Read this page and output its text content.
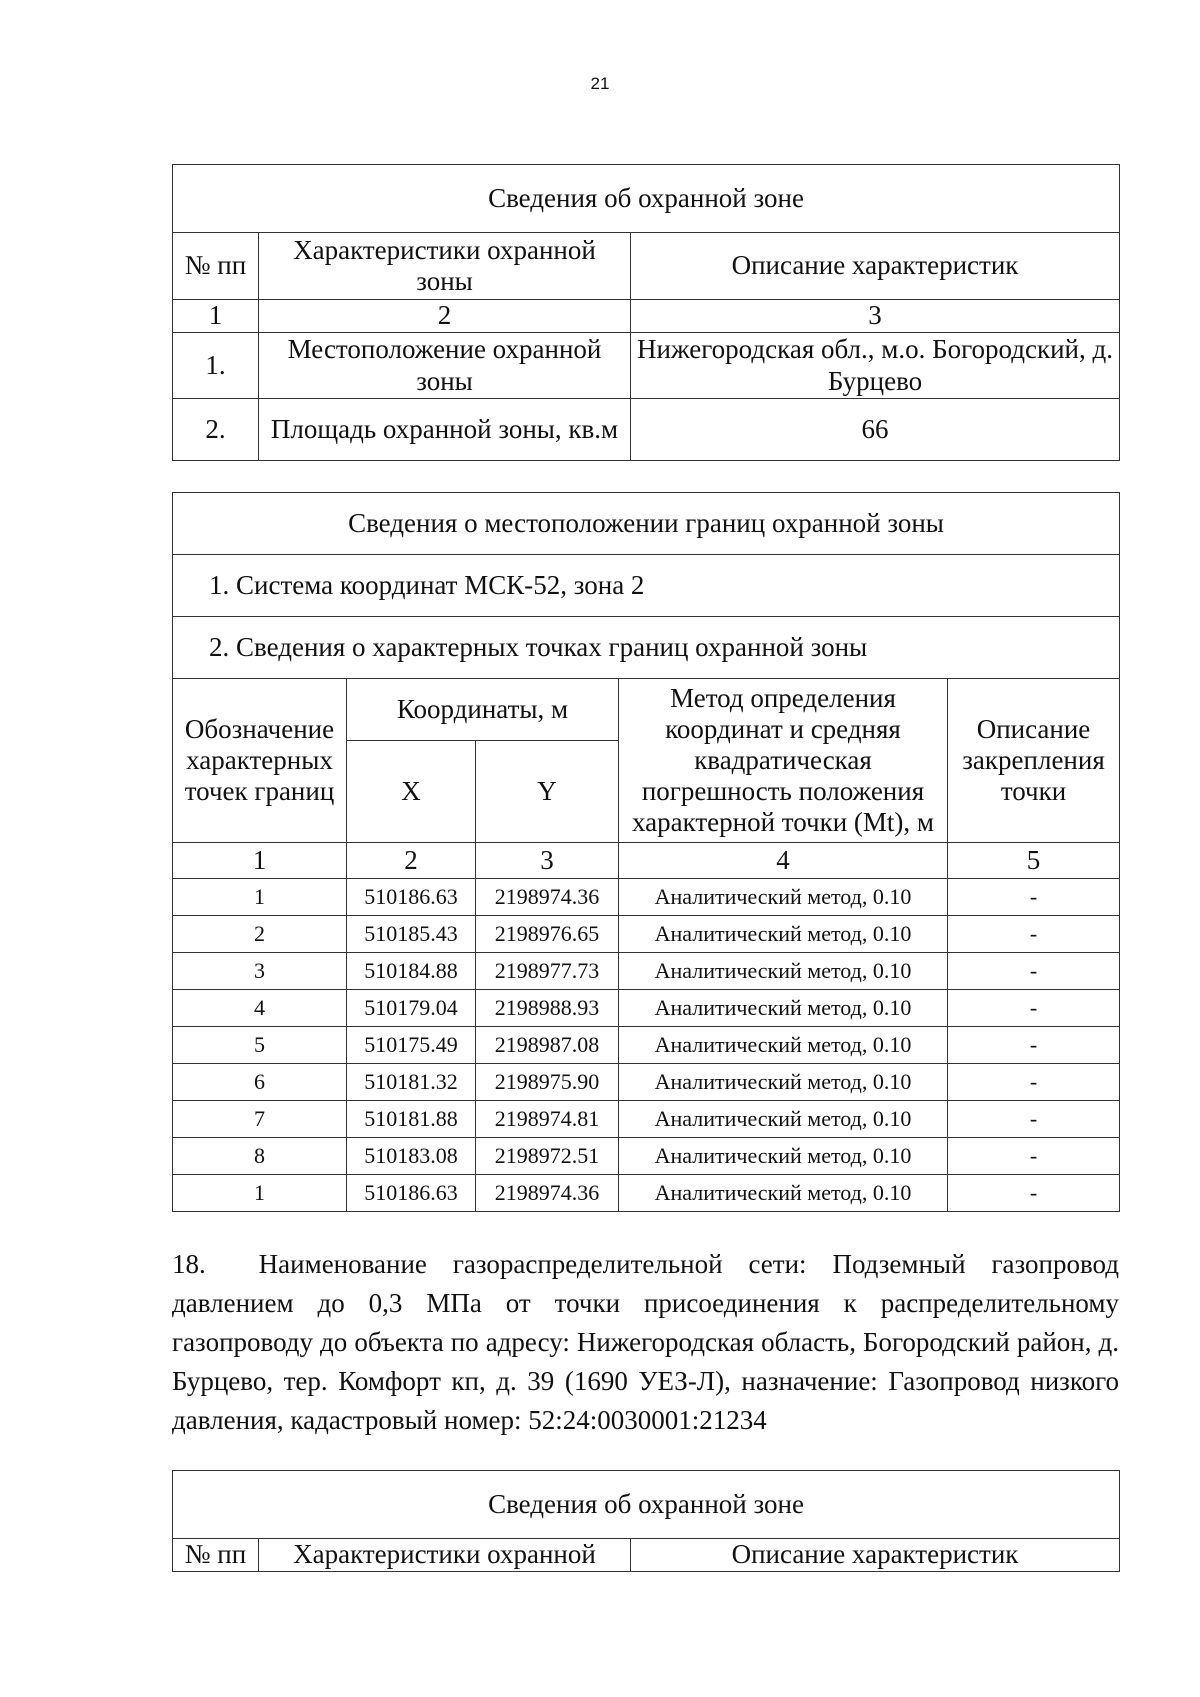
21
Сведения об охранной зоне		
№ пп	Характеристики охранной зоны	Описание характеристик
1	2	3
1.	Местоположение охранной зоны	Нижегородская обл., м.о. Богородский, д. Бурцево
2.	Площадь охранной зоны, кв.м	66
Сведения о местоположении границ охранной зоны				
1. Система координат МСК-52, зона 2				
2. Сведения о характерных точках границ охранной зоны				
Обозначение характерных точек границ	Координаты, м		Метод определения координат и средняя квадратическая погрешность положения характерной точки (Mt), м	Описание закрепления точки
	X	Y		
1	2	3	4	5
1	510186.63	2198974.36	Аналитический метод, 0.10	-
2	510185.43	2198976.65	Аналитический метод, 0.10	-
3	510184.88	2198977.73	Аналитический метод, 0.10	-
4	510179.04	2198988.93	Аналитический метод, 0.10	-
5	510175.49	2198987.08	Аналитический метод, 0.10	-
6	510181.32	2198975.90	Аналитический метод, 0.10	-
7	510181.88	2198974.81	Аналитический метод, 0.10	-
8	510183.08	2198972.51	Аналитический метод, 0.10	-
1	510186.63	2198974.36	Аналитический метод, 0.10	-

18.  Наименование газораспределительной сети: Подземный газопровод давлением до 0,3 МПа от точки присоединения к распределительному газопроводу до объекта по адресу: Нижегородская область, Богородский район, д. Бурцево, тер. Комфорт кп, д. 39 (1690 УЕЗ-Л), назначение: Газопровод низкого давления, кадастровый номер: 52:24:0030001:21234

Сведения об охранной зоне
№ пп	Характеристики охранной	Описание характеристик
